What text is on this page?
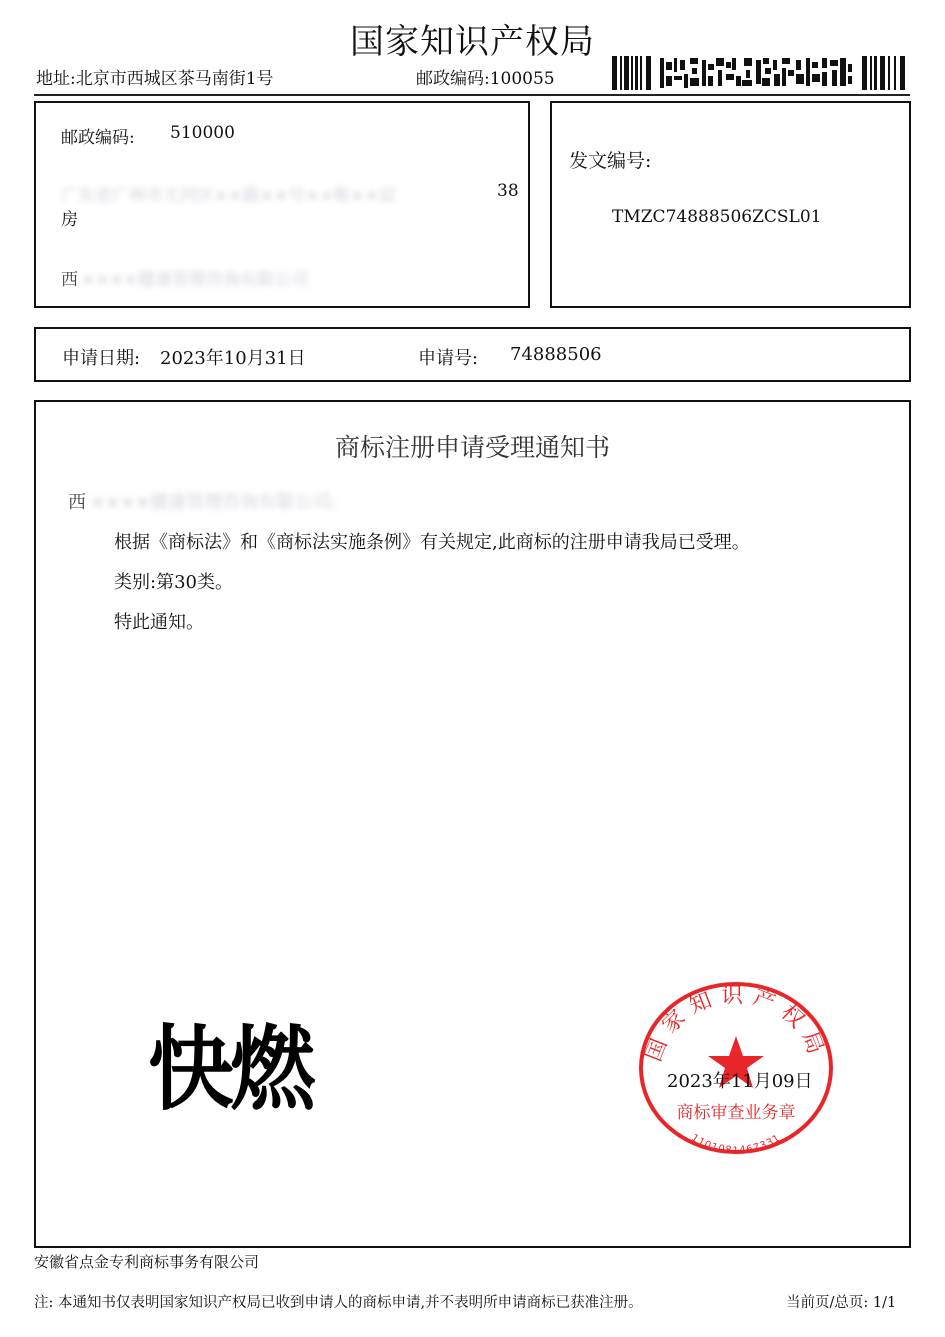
国家知识产权局
地址:北京市西城区茶马南街1号	邮政编码:100055
邮政编码: 510000
广东省广州市天河区××路××号××栋××层	38
房
西 ××××健康管理咨询有限公司
发文编号:
TMZC74888506ZCSL01
申请日期: 2023年10月31日	申请号: 74888506
商标注册申请受理通知书
西 ××××健康管理咨询有限公司:
根据《商标法》和《商标法实施条例》有关规定,此商标的注册申请我局已受理。
类别:第30类。
特此通知。
快燃	国家知识产权局
商标审查业务章
1101081467331
2023年11月09日
安徽省点金专利商标事务有限公司
注: 本通知书仅表明国家知识产权局已收到申请人的商标申请,并不表明所申请商标已获准注册。	当前页/总页: 1/1
